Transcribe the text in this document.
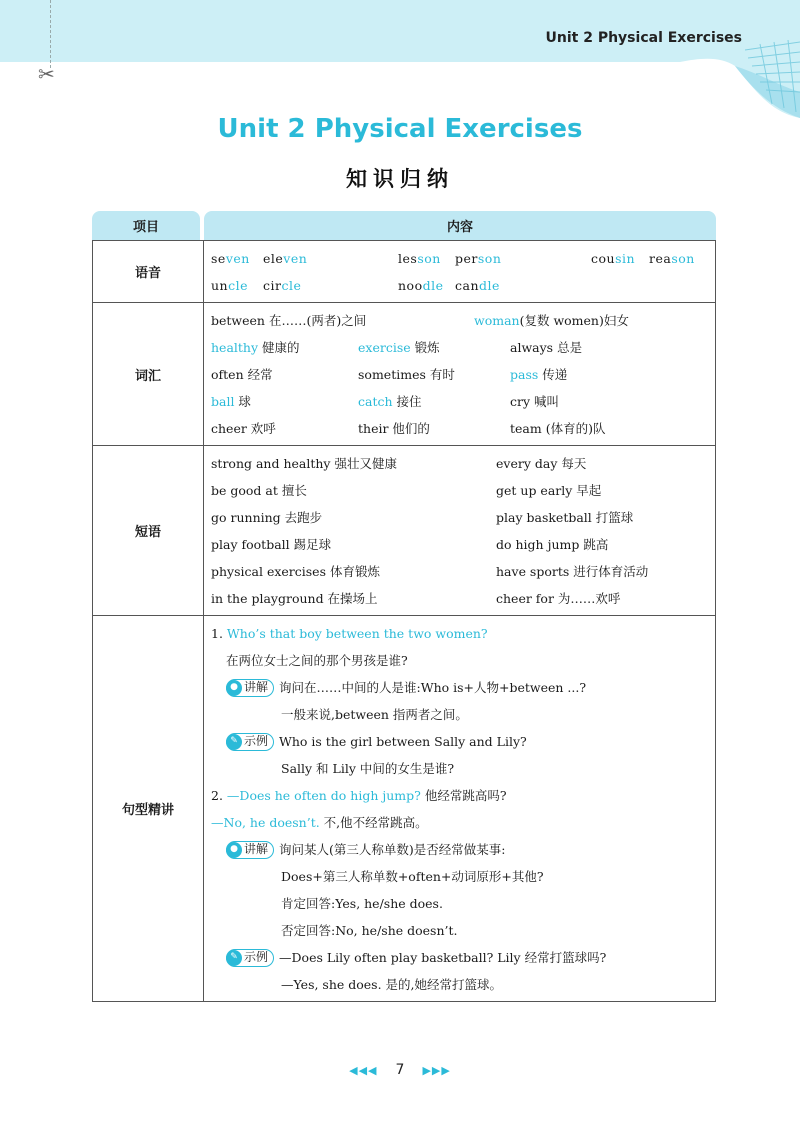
✂
Unit 2 Physical Exercises
Unit 2 Physical Exercises
知识归纳
项目	内容
语音
seven eleven	lesson person	cousin reason
uncle circle	noodle candle
词汇
between 在……(两者)之间	woman(复数 women)妇女
healthy 健康的	exercise 锻炼	always 总是
often 经常	sometimes 有时	pass 传递
ball 球	catch 接住	cry 喊叫
cheer 欢呼	their 他们的	team (体育的)队
短语
strong and healthy 强壮又健康	every day 每天
be good at 擅长	get up early 早起
go running 去跑步	play basketball 打篮球
play football 踢足球	do high jump 跳高
physical exercises 体育锻炼	have sports 进行体育活动
in the playground 在操场上	cheer for 为……欢呼
句型精讲
1. Who’s that boy between the two women?
在两位女士之间的那个男孩是谁?
● 讲解 询问在……中间的人是谁:Who is+人物+between ...?
一般来说,between 指两者之间。
✎ 示例 Who is the girl between Sally and Lily?
Sally 和 Lily 中间的女生是谁?
2. —Does he often do high jump? 他经常跳高吗?
—No, he doesn’t. 不,他不经常跳高。
● 讲解 询问某人(第三人称单数)是否经常做某事:
Does+第三人称单数+often+动词原形+其他?
肯定回答:Yes, he/she does.
否定回答:No, he/she doesn’t.
✎ 示例 —Does Lily often play basketball? Lily 经常打篮球吗?
—Yes, she does. 是的,她经常打篮球。
◀◀◀ 7 ▶▶▶
